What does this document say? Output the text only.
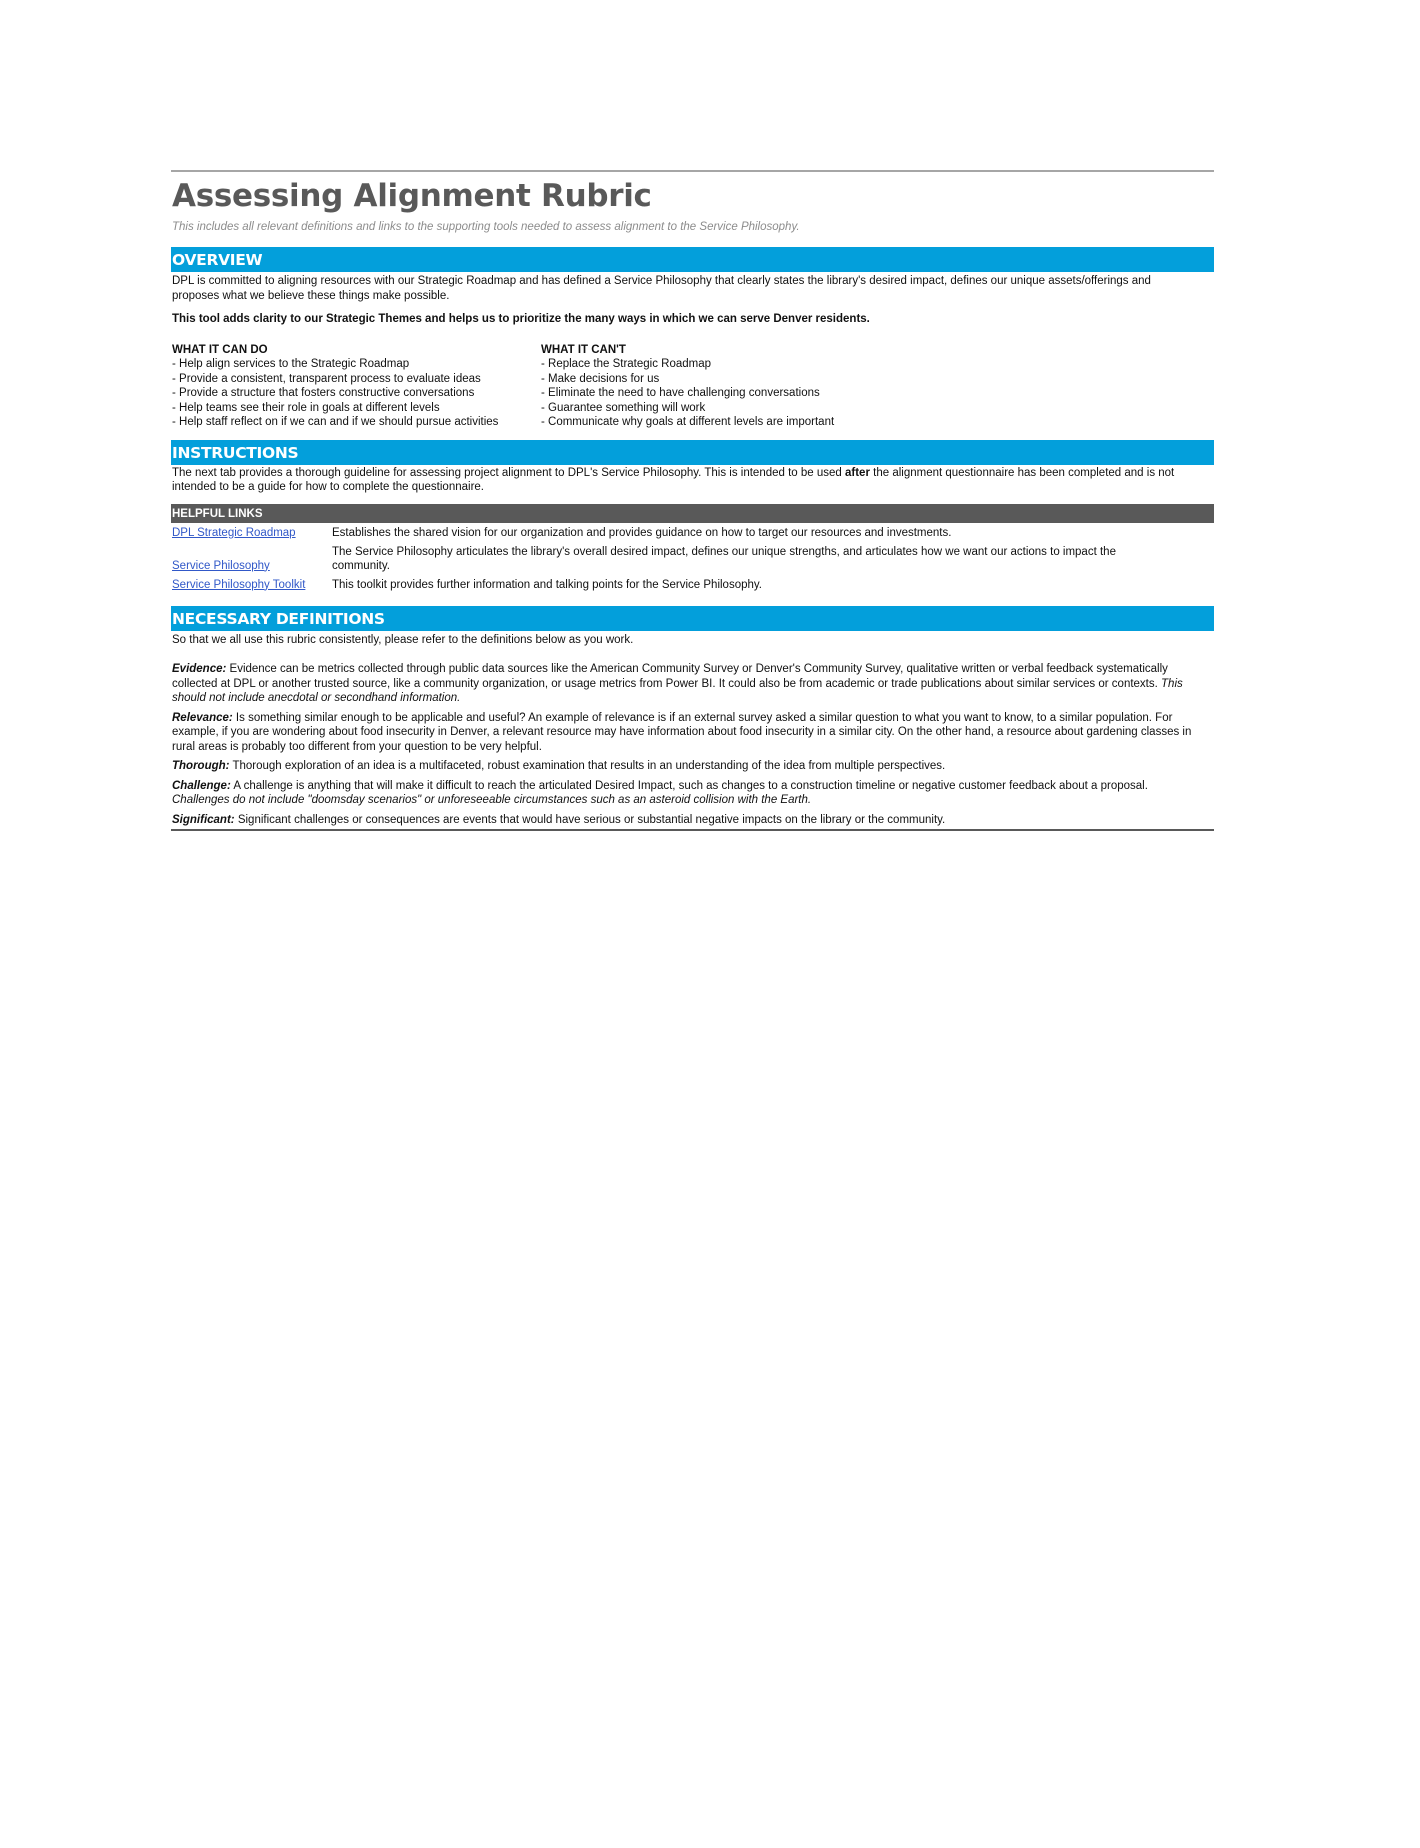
Assessing Alignment Rubric
This includes all relevant definitions and links to the supporting tools needed to assess alignment to the Service Philosophy.
OVERVIEW
DPL is committed to aligning resources with our Strategic Roadmap and has defined a Service Philosophy that clearly states the library's desired impact, defines our unique assets/offerings and proposes what we believe these things make possible.
This tool adds clarity to our Strategic Themes and helps us to prioritize the many ways in which we can serve Denver residents.
WHAT IT CAN DO
- Help align services to the Strategic Roadmap
- Provide a consistent, transparent process to evaluate ideas
- Provide a structure that fosters constructive conversations
- Help teams see their role in goals at different levels
- Help staff reflect on if we can and if we should pursue activities
WHAT IT CAN'T
- Replace the Strategic Roadmap
- Make decisions for us
- Eliminate the need to have challenging conversations
- Guarantee something will work
- Communicate why goals at different levels are important
INSTRUCTIONS
The next tab provides a thorough guideline for assessing project alignment to DPL's Service Philosophy. This is intended to be used after the alignment questionnaire has been completed and is not intended to be a guide for how to complete the questionnaire.
HELPFUL LINKS
DPL Strategic Roadmap	Establishes the shared vision for our organization and provides guidance on how to target our resources and investments.
Service Philosophy
The Service Philosophy articulates the library's overall desired impact, defines our unique strengths, and articulates how we want our actions to impact the community.
Service Philosophy Toolkit	This toolkit provides further information and talking points for the Service Philosophy.
NECESSARY DEFINITIONS
So that we all use this rubric consistently, please refer to the definitions below as you work.
Evidence: Evidence can be metrics collected through public data sources like the American Community Survey or Denver's Community Survey, qualitative written or verbal feedback systematically collected at DPL or another trusted source, like a community organization, or usage metrics from Power BI. It could also be from academic or trade publications about similar services or contexts. This should not include anecdotal or secondhand information.
Relevance: Is something similar enough to be applicable and useful? An example of relevance is if an external survey asked a similar question to what you want to know, to a similar population. For example, if you are wondering about food insecurity in Denver, a relevant resource may have information about food insecurity in a similar city. On the other hand, a resource about gardening classes in rural areas is probably too different from your question to be very helpful.
Thorough: Thorough exploration of an idea is a multifaceted, robust examination that results in an understanding of the idea from multiple perspectives.
Challenge: A challenge is anything that will make it difficult to reach the articulated Desired Impact, such as changes to a construction timeline or negative customer feedback about a proposal. Challenges do not include "doomsday scenarios" or unforeseeable circumstances such as an asteroid collision with the Earth.
Significant: Significant challenges or consequences are events that would have serious or substantial negative impacts on the library or the community.
